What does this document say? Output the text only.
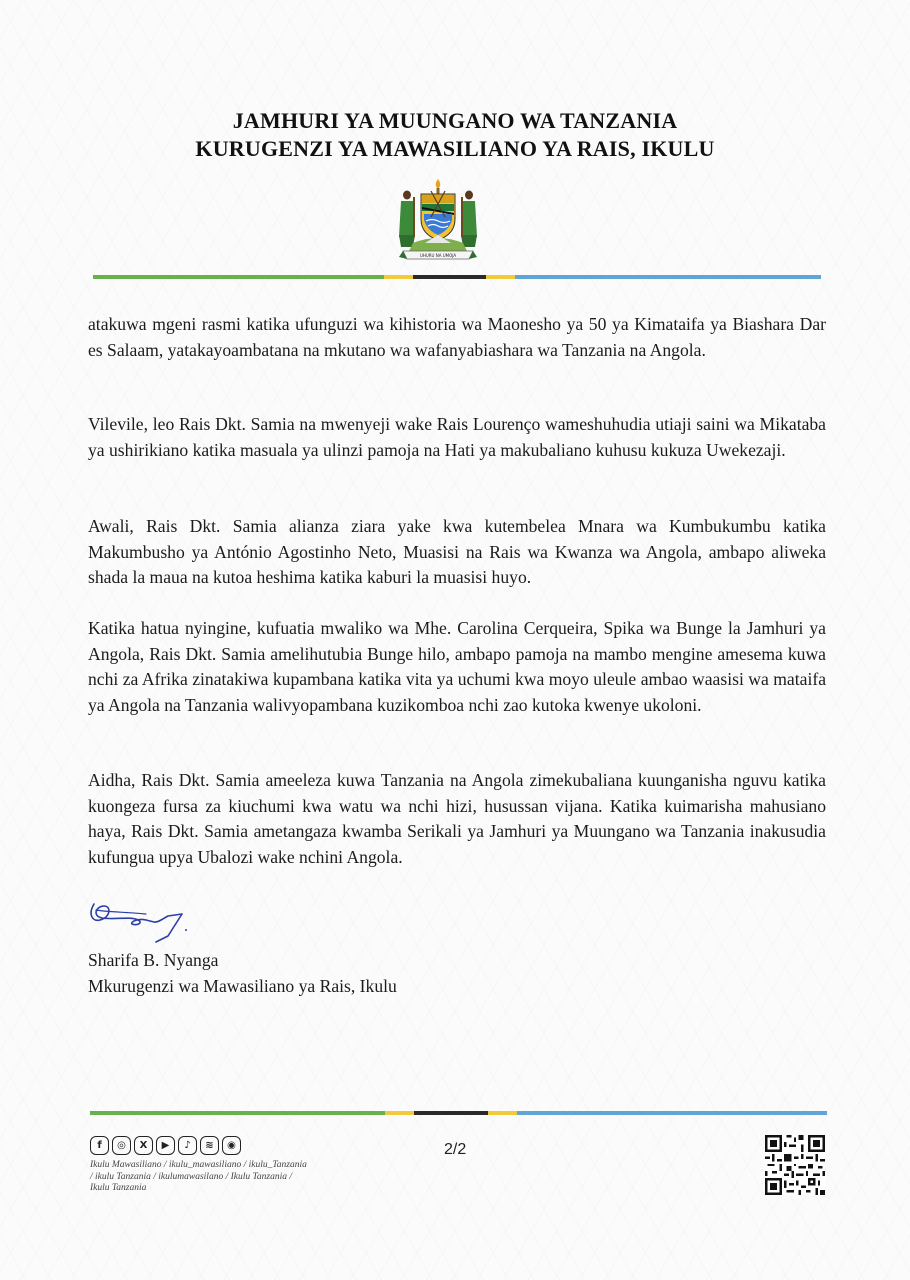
JAMHURI YA MUUNGANO WA TANZANIA
KURUGENZI YA MAWASILIANO YA RAIS, IKULU
UHURU NA UMOJA

atakuwa mgeni rasmi katika ufunguzi wa kihistoria wa Maonesho ya 50 ya Kimataifa ya Biashara Dar es Salaam, yatakayoambatana na mkutano wa wafanyabiashara wa Tanzania na Angola.

Vilevile, leo Rais Dkt. Samia na mwenyeji wake Rais Lourenço wameshuhudia utiaji saini wa Mikataba ya ushirikiano katika masuala ya ulinzi pamoja na Hati ya makubaliano kuhusu kukuza Uwekezaji.

Awali, Rais Dkt. Samia alianza ziara yake kwa kutembelea Mnara wa Kumbukumbu katika Makumbusho ya António Agostinho Neto, Muasisi na Rais wa Kwanza wa Angola, ambapo aliweka shada la maua na kutoa heshima katika kaburi la muasisi huyo.

Katika hatua nyingine, kufuatia mwaliko wa Mhe. Carolina Cerqueira, Spika wa Bunge la Jamhuri ya Angola, Rais Dkt. Samia amelihutubia Bunge hilo, ambapo pamoja na mambo mengine amesema kuwa nchi za Afrika zinatakiwa kupambana katika vita ya uchumi kwa moyo uleule ambao waasisi wa mataifa ya Angola na Tanzania walivyopambana kuzikomboa nchi zao kutoka kwenye ukoloni.

Aidha, Rais Dkt. Samia ameeleza kuwa Tanzania na Angola zimekubaliana kuunganisha nguvu katika kuongeza fursa za kiuchumi kwa watu wa nchi hizi, husussan vijana. Katika kuimarisha mahusiano haya, Rais Dkt. Samia ametangaza kwamba Serikali ya Jamhuri ya Muungano wa Tanzania inakusudia kufungua upya Ubalozi wake nchini Angola.

Sharifa B. Nyanga
Mkurugenzi wa Mawasiliano ya Rais, Ikulu
f	◎	X	▶	♪	≋	◉
Ikulu Mawasiliano / ikulu_mawasiliano / ikulu_Tanzania / ikulu Tanzania / ikulumawasilano / Ikulu Tanzania / Ikulu Tanzania
2/2
